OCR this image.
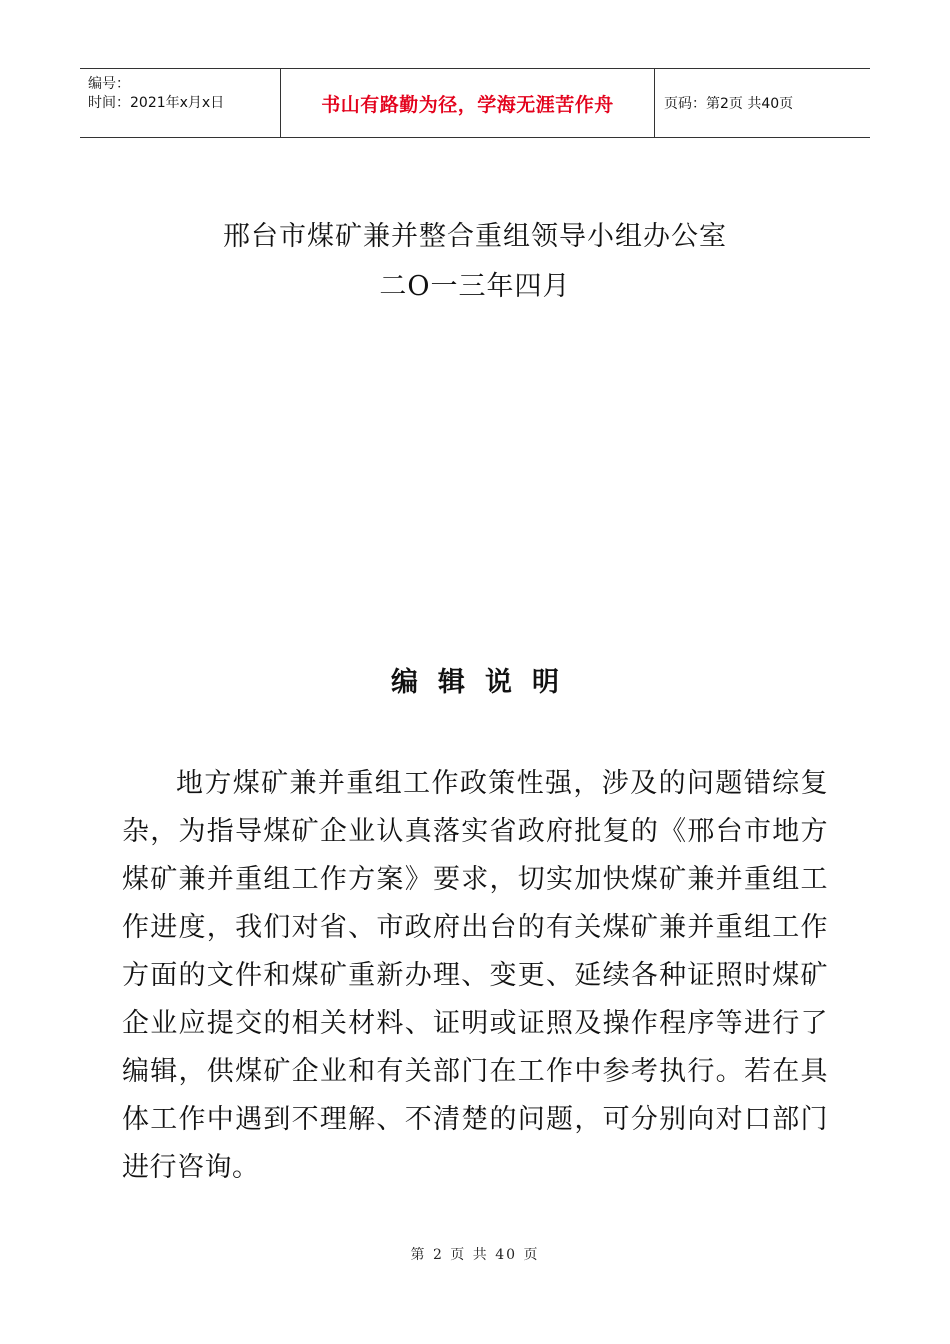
编号：
时间：2021年x月x日	书山有路勤为径，学海无涯苦作舟	页码：第2页 共40页
邢台市煤矿兼并整合重组领导小组办公室
二O一三年四月
编辑说明

地方煤矿兼并重组工作政策性强，涉及的问题错综复杂，为指导煤矿企业认真落实省政府批复的《邢台市地方煤矿兼并重组工作方案》要求，切实加快煤矿兼并重组工作进度，我们对省、市政府出台的有关煤矿兼并重组工作方面的文件和煤矿重新办理、变更、延续各种证照时煤矿企业应提交的相关材料、证明或证照及操作程序等进行了编辑，供煤矿企业和有关部门在工作中参考执行。若在具体工作中遇到不理解、不清楚的问题，可分别向对口部门进行咨询。

第 2 页 共 40 页
